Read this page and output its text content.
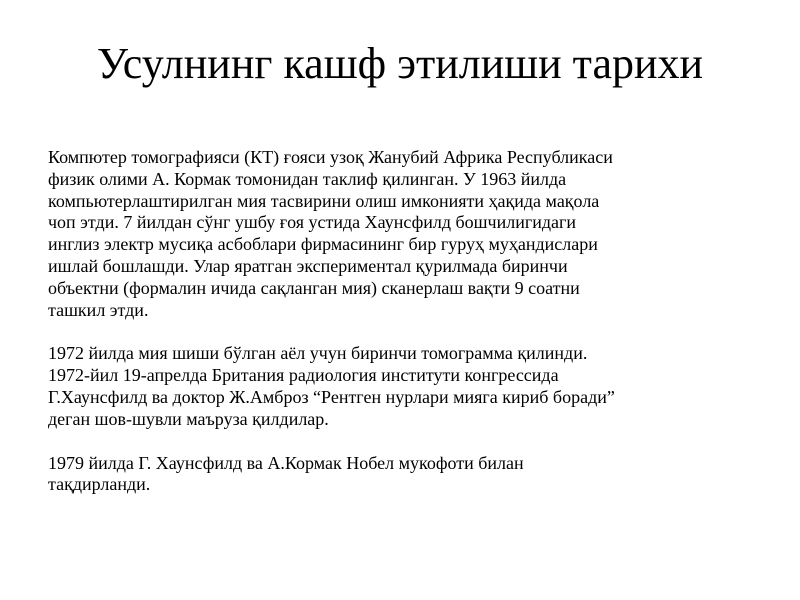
Усулнинг кашф этилиши тарихи

Компютер томографияси (КТ) ғояси узоқ Жанубий Африка Республикаси
физик олими А. Кормак томонидан таклиф қилинган. У 1963 йилда
компьютерлаштирилган мия тасвирини олиш имконияти ҳақида мақола
чоп этди. 7 йилдан сўнг ушбу ғоя устида Хаунсфилд бошчилигидаги
инглиз электр мусиқа асбоблари фирмасининг бир гуруҳ муҳандислари
ишлай бошлашди. Улар яратган экспериментал қурилмада биринчи
объектни (формалин ичида сақланган мия) сканерлаш вақти 9 соатни
ташкил этди.

1972 йилда мия шиши бўлган аёл учун биринчи томограмма қилинди.
1972-йил 19-апрелда Британия радиология институти конгрессида
Г.Хаунсфилд ва доктор Ж.Амброз “Рентген нурлари мияга кириб боради”
деган шов-шувли маърузa қилдилар.

1979 йилда Г. Хаунсфилд ва А.Кормак Нобел мукофоти билан
тақдирланди.
